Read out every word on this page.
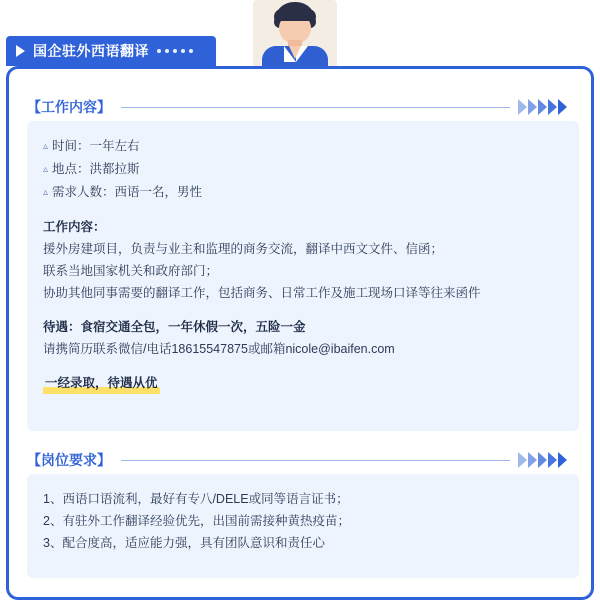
国企驻外西语翻译
【工作内容】
▵ 时间：一年左右
▵ 地点：洪都拉斯
▵ 需求人数：西语一名，男性
工作内容：
援外房建项目，负责与业主和监理的商务交流，翻译中西文文件、信函；
联系当地国家机关和政府部门；
协助其他同事需要的翻译工作，包括商务、日常工作及施工现场口译等往来函件
待遇：食宿交通全包，一年休假一次，五险一金
请携简历联系微信/电话18615547875或邮箱nicole@ibaifen.com
一经录取，待遇从优
【岗位要求】
1、西语口语流利，最好有专八/DELE或同等语言证书；
2、有驻外工作翻译经验优先，出国前需接种黄热疫苗；
3、配合度高，适应能力强，具有团队意识和责任心
